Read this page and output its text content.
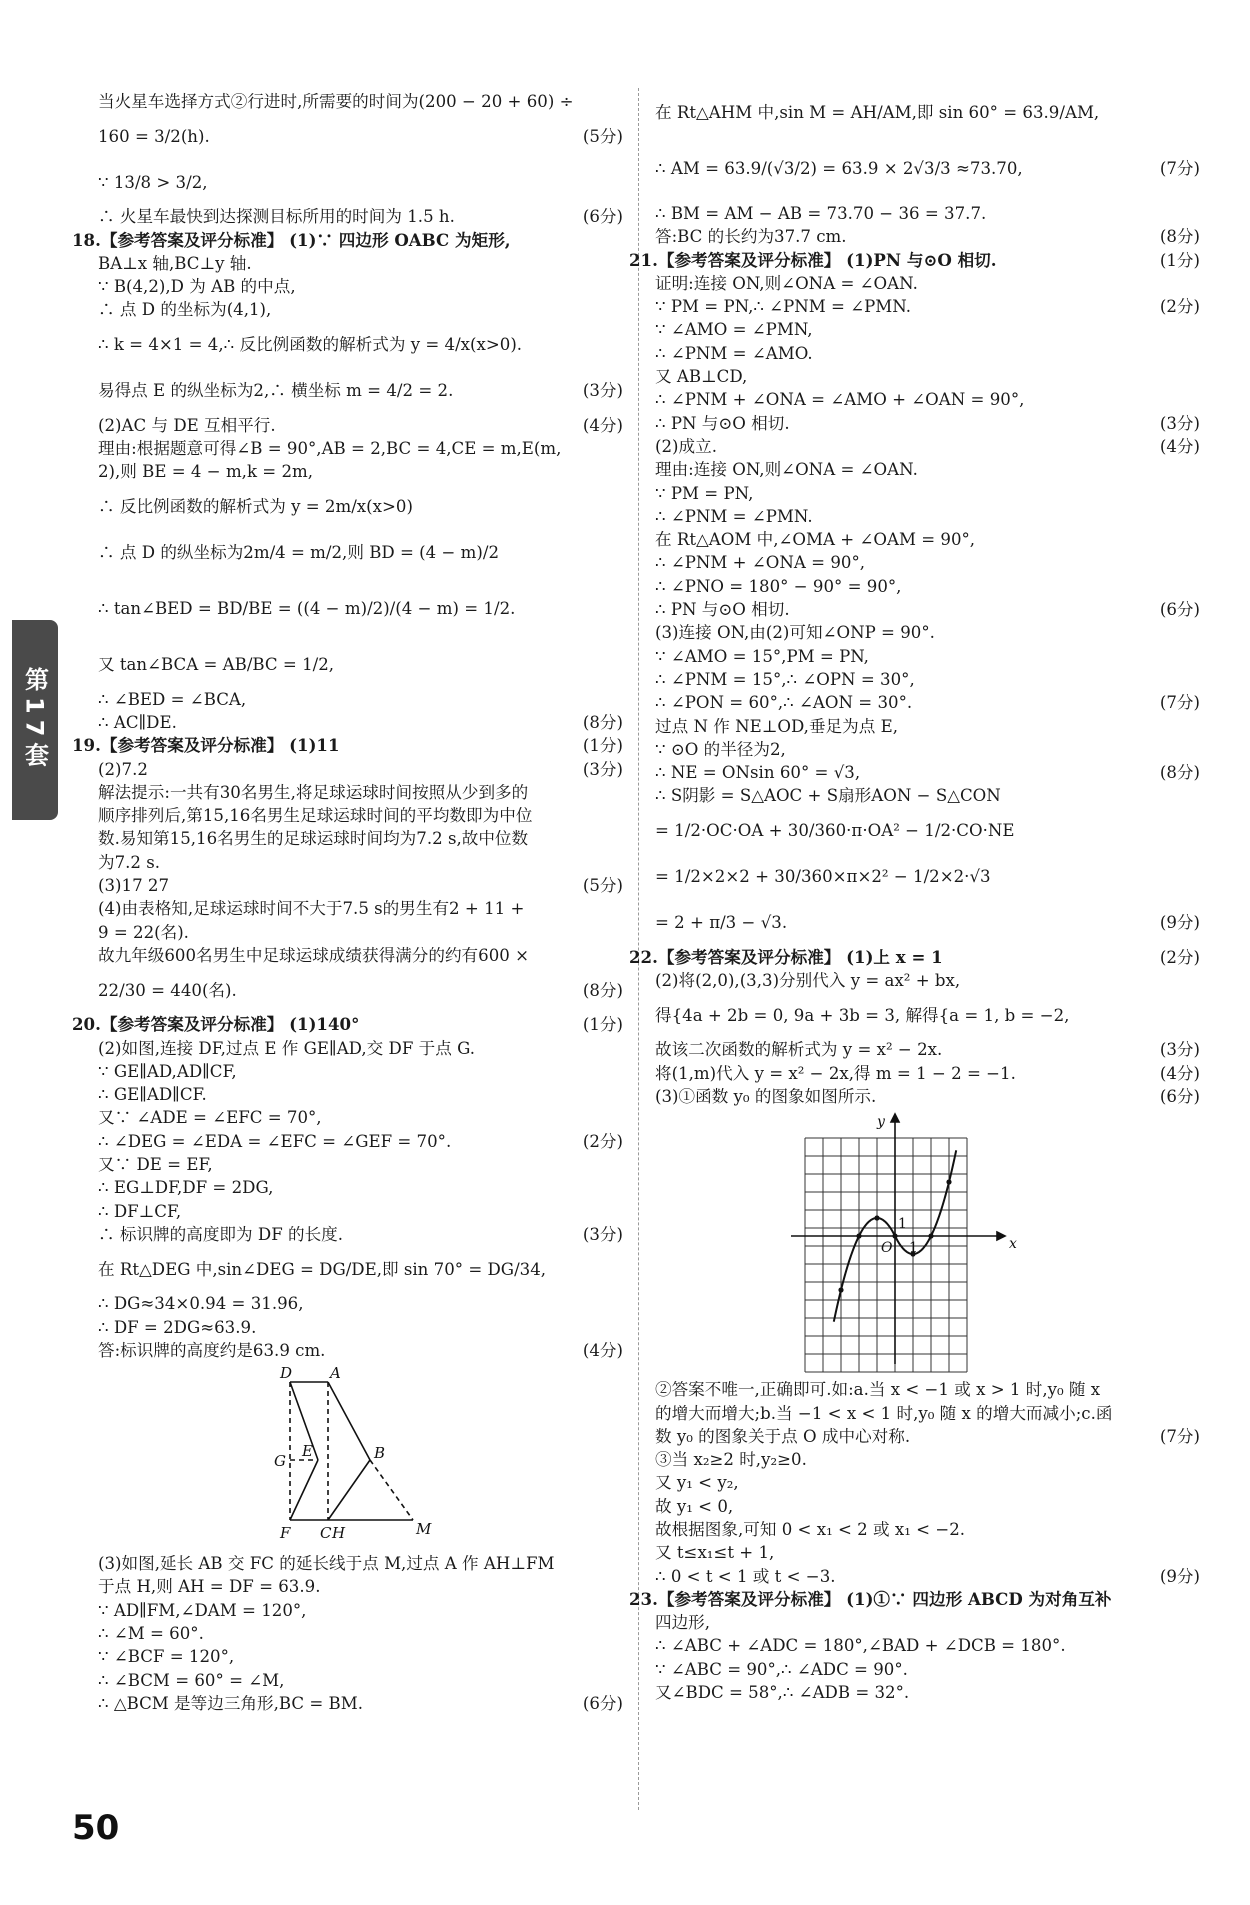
第17套
当火星车选择方式②行进时,所需要的时间为(200 − 20 + 60) ÷
160 = 3/2(h).	(5分)
∵ 13/8 > 3/2,
∴ 火星车最快到达探测目标所用的时间为 1.5 h.	(6分)
18.【参考答案及评分标准】 (1)∵ 四边形 OABC 为矩形,
BA⊥x 轴,BC⊥y 轴.
∵ B(4,2),D 为 AB 的中点,
∴ 点 D 的坐标为(4,1),
∴ k = 4×1 = 4,∴ 反比例函数的解析式为 y = 4/x(x>0).
易得点 E 的纵坐标为2,∴ 横坐标 m = 4/2 = 2.	(3分)
(2)AC 与 DE 互相平行.	(4分)
理由:根据题意可得∠B = 90°,AB = 2,BC = 4,CE = m,E(m,
2),则 BE = 4 − m,k = 2m,
∴ 反比例函数的解析式为 y = 2m/x(x>0)
∴ 点 D 的纵坐标为2m/4 = m/2,则 BD = (4 − m)/2
∴ tan∠BED = BD/BE = ((4 − m)/2)/(4 − m) = 1/2.
又 tan∠BCA = AB/BC = 1/2,
∴ ∠BED = ∠BCA,
∴ AC∥DE.	(8分)
19.【参考答案及评分标准】 (1)11	(1分)
(2)7.2	(3分)
解法提示:一共有30名男生,将足球运球时间按照从少到多的
顺序排列后,第15,16名男生足球运球时间的平均数即为中位
数.易知第15,16名男生的足球运球时间均为7.2 s,故中位数
为7.2 s.
(3)17 27	(5分)
(4)由表格知,足球运球时间不大于7.5 s的男生有2 + 11 +
9 = 22(名).
故九年级600名男生中足球运球成绩获得满分的约有600 ×
22/30 = 440(名).	(8分)
20.【参考答案及评分标准】 (1)140°	(1分)
(2)如图,连接 DF,过点 E 作 GE∥AD,交 DF 于点 G.
∵ GE∥AD,AD∥CF,
∴ GE∥AD∥CF.
又∵ ∠ADE = ∠EFC = 70°,
∴ ∠DEG = ∠EDA = ∠EFC = ∠GEF = 70°.	(2分)
又∵ DE = EF,
∴ EG⊥DF,DF = 2DG,
∴ DF⊥CF,
∴ 标识牌的高度即为 DF 的长度.	(3分)
在 Rt△DEG 中,sin∠DEG = DG/DE,即 sin 70° = DG/34,
∴ DG≈34×0.94 = 31.96,
∴ DF = 2DG≈63.9.
答:标识牌的高度约是63.9 cm.	(4分)
D	A
E
G	B
F C H	M
(3)如图,延长 AB 交 FC 的延长线于点 M,过点 A 作 AH⊥FM
于点 H,则 AH = DF = 63.9.
∵ AD∥FM,∠DAM = 120°,
∴ ∠M = 60°.
∵ ∠BCF = 120°,
∴ ∠BCM = 60° = ∠M,
∴ △BCM 是等边三角形,BC = BM.	(6分)
在 Rt△AHM 中,sin M = AH/AM,即 sin 60° = 63.9/AM,
∴ AM = 63.9/(√3/2) = 63.9 × 2√3/3 ≈73.70,	(7分)
∴ BM = AM − AB = 73.70 − 36 = 37.7.
答:BC 的长约为37.7 cm.	(8分)
21.【参考答案及评分标准】 (1)PN 与⊙O 相切.	(1分)
证明:连接 ON,则∠ONA = ∠OAN.
∵ PM = PN,∴ ∠PNM = ∠PMN.	(2分)
∵ ∠AMO = ∠PMN,
∴ ∠PNM = ∠AMO.
又 AB⊥CD,
∴ ∠PNM + ∠ONA = ∠AMO + ∠OAN = 90°,
∴ PN 与⊙O 相切.	(3分)
(2)成立.	(4分)
理由:连接 ON,则∠ONA = ∠OAN.
∵ PM = PN,
∴ ∠PNM = ∠PMN.
在 Rt△AOM 中,∠OMA + ∠OAM = 90°,
∴ ∠PNM + ∠ONA = 90°,
∴ ∠PNO = 180° − 90° = 90°,
∴ PN 与⊙O 相切.	(6分)
(3)连接 ON,由(2)可知∠ONP = 90°.
∵ ∠AMO = 15°,PM = PN,
∴ ∠PNM = 15°,∴ ∠OPN = 30°,
∴ ∠PON = 60°,∴ ∠AON = 30°.	(7分)
过点 N 作 NE⊥OD,垂足为点 E,
∵ ⊙O 的半径为2,
∴ NE = ONsin 60° = √3,	(8分)
∴ S阴影 = S△AOC + S扇形AON − S△CON
= 1/2·OC·OA + 30/360·π·OA² − 1/2·CO·NE
= 1/2×2×2 + 30/360×π×2² − 1/2×2·√3
= 2 + π/3 − √3.	(9分)
22.【参考答案及评分标准】 (1)上 x = 1	(2分)
(2)将(2,0),(3,3)分别代入 y = ax² + bx,
得{4a + 2b = 0, 9a + 3b = 3, 解得{a = 1, b = −2,
故该二次函数的解析式为 y = x² − 2x.	(3分)
将(1,m)代入 y = x² − 2x,得 m = 1 − 2 = −1.	(4分)
(3)①函数 y₀ 的图象如图所示.	(6分)
x
y
O
1
1
②答案不唯一,正确即可.如:a.当 x < −1 或 x > 1 时,y₀ 随 x
的增大而增大;b.当 −1 < x < 1 时,y₀ 随 x 的增大而减小;c.函
数 y₀ 的图象关于点 O 成中心对称.	(7分)
③当 x₂≥2 时,y₂≥0.
又 y₁ < y₂,
故 y₁ < 0,
故根据图象,可知 0 < x₁ < 2 或 x₁ < −2.
又 t≤x₁≤t + 1,
∴ 0 < t < 1 或 t < −3.	(9分)
23.【参考答案及评分标准】 (1)①∵ 四边形 ABCD 为对角互补
四边形,
∴ ∠ABC + ∠ADC = 180°,∠BAD + ∠DCB = 180°.
∵ ∠ABC = 90°,∴ ∠ADC = 90°.
又∠BDC = 58°,∴ ∠ADB = 32°.
50
